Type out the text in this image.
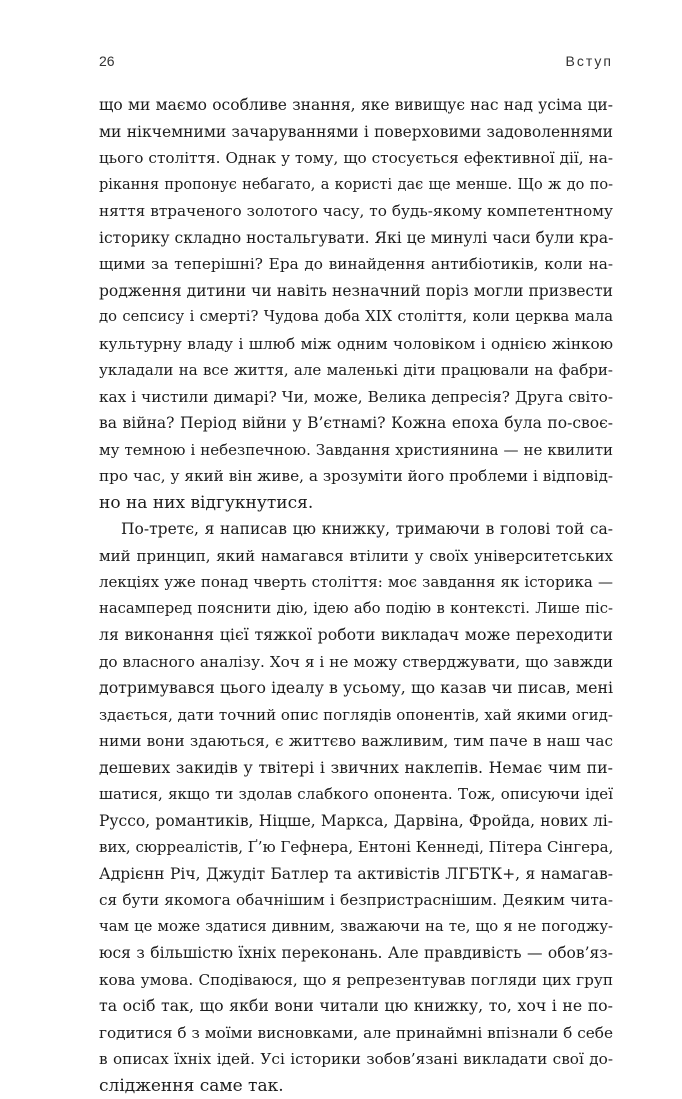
26	Вступ
що ми маємо особливе знання, яке вивищує нас над усіма ци-
ми нікчемними зачаруваннями і поверховими задоволеннями
цього століття. Однак у тому, що стосується ефективної дії, на-
рікання пропонує небагато, а користі дає ще менше. Що ж до по-
няття втраченого золотого часу, то будь-якому компетентному
історику складно ностальгувати. Які це минулі часи були кра-
щими за теперішні? Ера до винайдення антибіотиків, коли на-
родження дитини чи навіть незначний поріз могли призвести
до сепсису і смерті? Чудова доба XIX століття, коли церква мала
культурну владу і шлюб між одним чоловіком і однією жінкою
укладали на все життя, але маленькі діти працювали на фабри-
ках і чистили димарі? Чи, може, Велика депресія? Друга світо-
ва війна? Період війни у В’єтнамі? Кожна епоха була по-своє-
му темною і небезпечною. Завдання християнина — не квилити
про час, у який він живе, а зрозуміти його проблеми і відповід-
но на них відгукнутися.
По-третє, я написав цю книжку, тримаючи в голові той са-
мий принцип, який намагався втілити у своїх університетських
лекціях уже понад чверть століття: моє завдання як історика —
насамперед пояснити дію, ідею або подію в контексті. Лише піс-
ля виконання цієї тяжкої роботи викладач може переходити
до власного аналізу. Хоч я і не можу стверджувати, що завжди
дотримувався цього ідеалу в усьому, що казав чи писав, мені
здається, дати точний опис поглядів опонентів, хай якими огид-
ними вони здаються, є життєво важливим, тим паче в наш час
дешевих закидів у твітері і звичних наклепів. Немає чим пи-
шатися, якщо ти здолав слабкого опонента. Тож, описуючи ідеї
Руссо, романтиків, Ніцше, Маркса, Дарвіна, Фройда, нових лі-
вих, сюрреалістів, Ґ’ю Гефнера, Ентоні Кеннеді, Пітера Сінгера,
Адрієнн Річ, Джудіт Батлер та активістів ЛГБТК+, я намагав-
ся бути якомога обачнішим і безпристраснішим. Деяким чита-
чам це може здатися дивним, зважаючи на те, що я не погоджу-
юся з більшістю їхніх переконань. Але правдивість — обов’яз-
кова умова. Сподіваюся, що я репрезентував погляди цих груп
та осіб так, що якби вони читали цю книжку, то, хоч і не по-
годитися б з моїми висновками, але принаймні впізнали б себе
в описах їхніх ідей. Усі історики зобов’язані викладати свої до-
слідження саме так.
